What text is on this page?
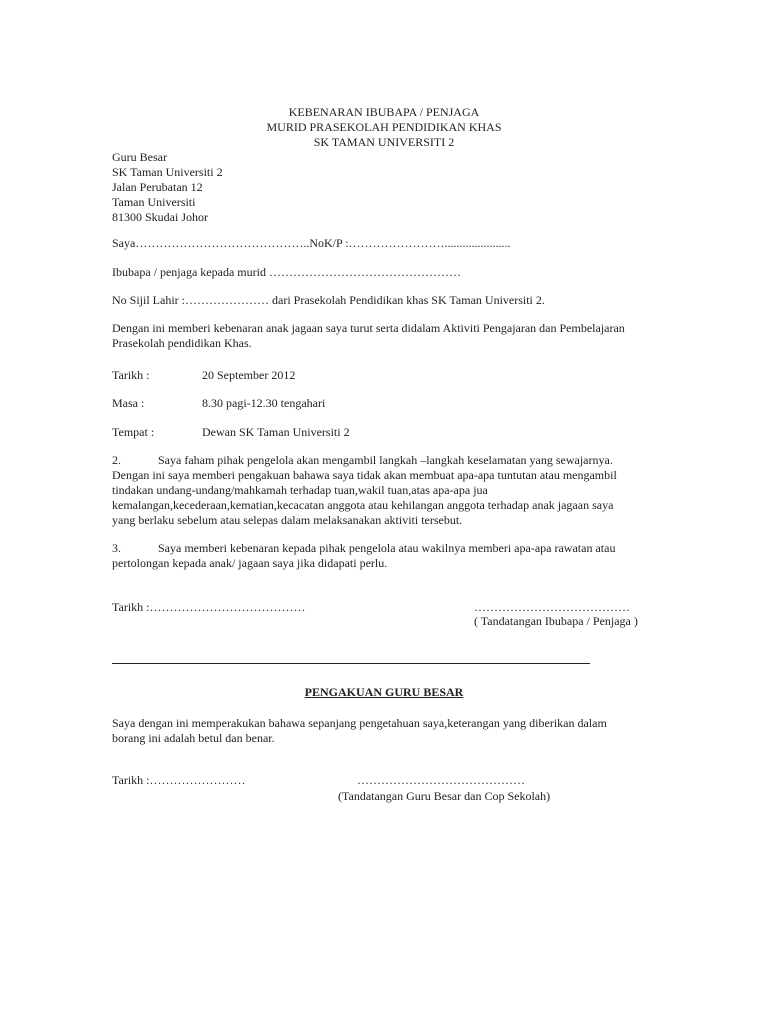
KEBENARAN IBUBAPA / PENJAGA
MURID PRASEKOLAH PENDIDIKAN KHAS
SK TAMAN UNIVERSITI 2
Guru Besar
SK Taman Universiti 2
Jalan Perubatan 12
Taman Universiti
81300 Skudai Johor
Saya……………………………………..NoK/P :……………………......................
Ibubapa / penjaga kepada murid …………………………………………
No Sijil Lahir :………………… dari Prasekolah Pendidikan khas SK Taman Universiti 2.
Dengan ini memberi kebenaran anak jagaan saya turut serta didalam Aktiviti Pengajaran dan Pembelajaran
Prasekolah pendidikan Khas.
Tarikh :	20 September 2012
Masa :	8.30 pagi-12.30 tengahari
Tempat :	Dewan SK Taman Universiti 2
2.	Saya faham pihak pengelola akan mengambil langkah –langkah keselamatan yang sewajarnya.
Dengan ini saya memberi pengakuan bahawa saya tidak akan membuat apa-apa tuntutan atau mengambil
tindakan undang-undang/mahkamah terhadap tuan,wakil tuan,atas apa-apa jua
kemalangan,kecederaan,kematian,kecacatan anggota atau kehilangan anggota terhadap anak jagaan saya
yang berlaku sebelum atau selepas dalam melaksanakan aktiviti tersebut.
3.	Saya memberi kebenaran kepada pihak pengelola atau wakilnya memberi apa-apa rawatan atau
pertolongan kepada anak/ jagaan saya jika didapati perlu.
Tarikh :…………………………………	…………………………………
( Tandatangan Ibubapa / Penjaga )
PENGAKUAN GURU BESAR
Saya dengan ini memperakukan bahawa sepanjang pengetahuan saya,keterangan yang diberikan dalam
borang ini adalah betul dan benar.
Tarikh :……………………	……………………………………
(Tandatangan Guru Besar dan Cop Sekolah)
